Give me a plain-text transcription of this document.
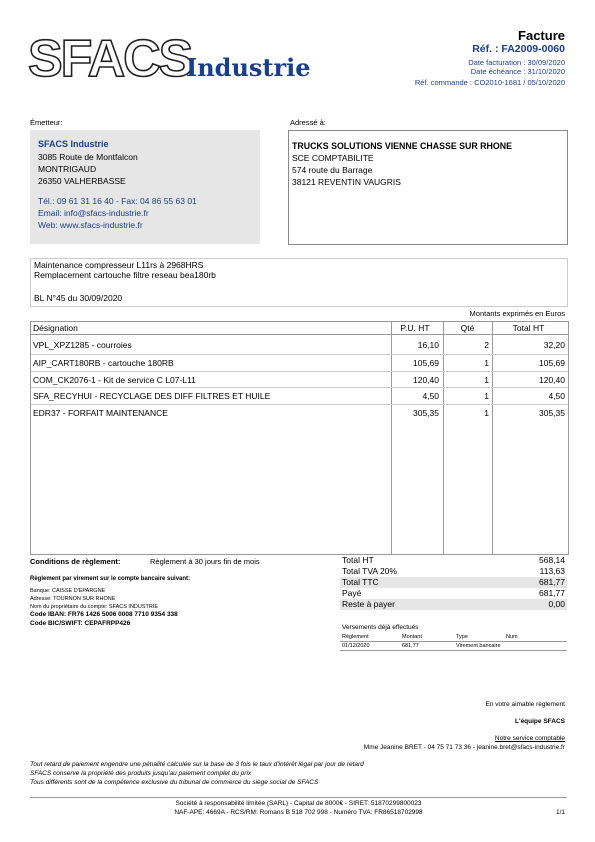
SFACS
Industrie
Facture
Réf. : FA2009-0060
Date facturation : 30/09/2020
Date échéance : 31/10/2020
Réf. commande : CO2010-1681 / 05/10/2020
Émetteur:
SFACS Industrie
3085 Route de Montfalcon
MONTRIGAUD
26350 VALHERBASSE
Tél.: 09 61 31 16 40 - Fax: 04 86 55 63 01
Email: info@sfacs-industrie.fr
Web: www.sfacs-industrie.fr
Adressé à:
TRUCKS SOLUTIONS VIENNE CHASSE SUR RHONE
SCE COMPTABILITE
574 route du Barrage
38121 REVENTIN VAUGRIS
Maintenance compresseur L11rs à 2968HRS
Remplacement cartouche filtre reseau bea180rb
BL N°45 du 30/09/2020
Montants exprimés en Euros
Désignation	P.U. HT	Qté	Total HT
VPL_XPZ1285 - courroies	16,10	2	32,20
AIP_CART180RB - cartouche 180RB	105,69	1	105,69
COM_CK2076-1 - Kit de service C L07-L11	120,40	1	120,40
SFA_RECYHUI - RECYCLAGE DES DIFF FILTRES ET HUILE	4,50	1	4,50
EDR37 - FORFAIT MAINTENANCE	305,35	1	305,35
Conditions de règlement:	Règlement à 30 jours fin de mois
Règlement par virement sur le compte bancaire suivant:
Banque: CAISSE D'EPARGNE
Adresse: TOURNON SUR RHONE
Nom du propriétaire du compte: SFACS INDUSTRIE
Code IBAN: FR76 1426 5006 0008 7710 9354 338
Code BIC/SWIFT: CEPAFRPP426
Total HT	568,14
Total TVA 20%	113,63
Total TTC	681,77
Payé	681,77
Reste à payer	0,00
Versements déjà effectués
Règlement	Montant	Type	Num
01/12/2020	681,77	Virement bancaire
En votre aimable règlement
L'équipe SFACS
Notre service comptable
Mme Jeanine BRET - 04 75 71 73 36 - jeanine.bret@sfacs-industrie.fr
Tout retard de paiement engendre une pénalité calculée sur la base de 3 fois le taux d'intérêt légal par jour de retard
SFACS conserve la propriété des produits jusqu'au paiement complet du prix
Tous différents sont de la compétence exclusive du tribunal de commerce du siège social de SFACS
Société à responsabilité limitée (SARL) - Capital de 8000€ - SIRET: 51870299800023
NAF-APE: 4669A - RCS/RM: Romans B 518 702 998 - Numéro TVA: FR86518702998	1/1
